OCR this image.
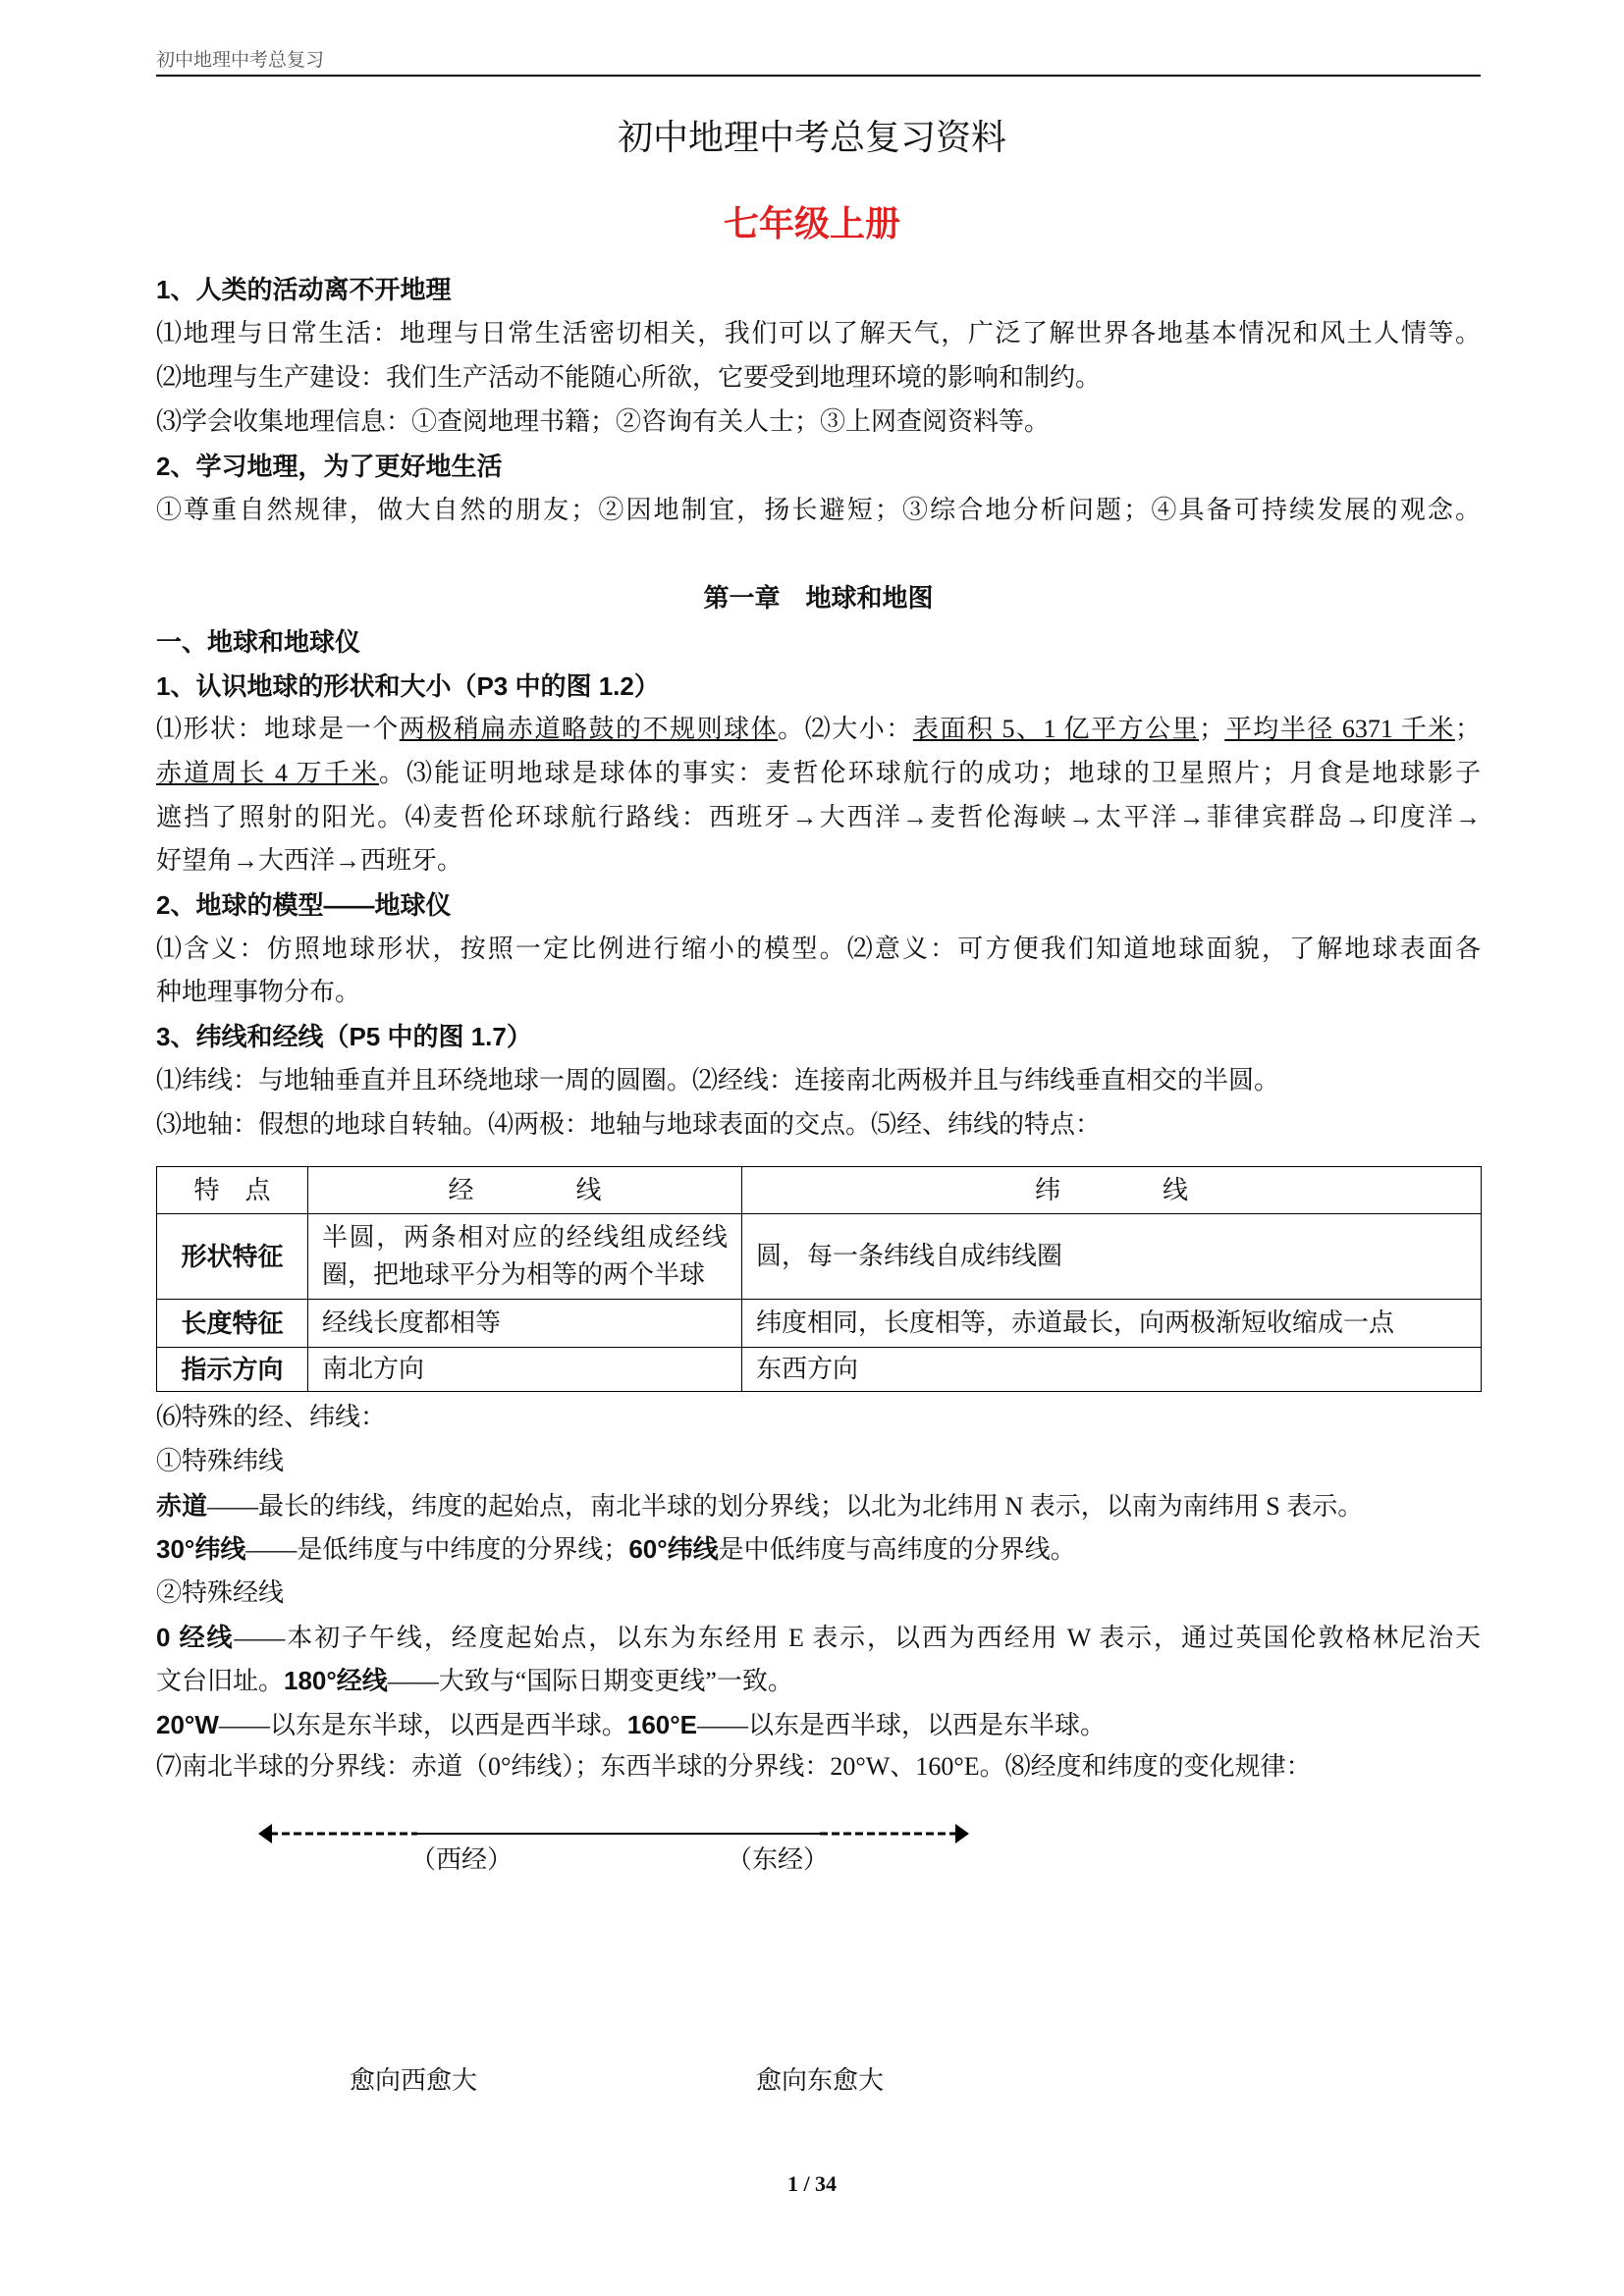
初中地理中考总复习
初中地理中考总复习资料
七年级上册
1、人类的活动离不开地理
⑴地理与日常生活：地理与日常生活密切相关，我们可以了解天气，广泛了解世界各地基本情况和风土人情等。
⑵地理与生产建设：我们生产活动不能随心所欲，它要受到地理环境的影响和制约。
⑶学会收集地理信息：①查阅地理书籍；②咨询有关人士；③上网查阅资料等。
2、学习地理，为了更好地生活
①尊重自然规律，做大自然的朋友；②因地制宜，扬长避短；③综合地分析问题；④具备可持续发展的观念。
第一章　地球和地图
一、地球和地球仪
1、认识地球的形状和大小（P3 中的图 1.2）
⑴形状：地球是一个两极稍扁赤道略鼓的不规则球体。⑵大小：表面积 5、1 亿平方公里；平均半径 6371 千米；
赤道周长 4 万千米。⑶能证明地球是球体的事实：麦哲伦环球航行的成功；地球的卫星照片；月食是地球影子
遮挡了照射的阳光。⑷麦哲伦环球航行路线：西班牙→大西洋→麦哲伦海峡→太平洋→菲律宾群岛→印度洋→
好望角→大西洋→西班牙。
2、地球的模型——地球仪
⑴含义：仿照地球形状，按照一定比例进行缩小的模型。⑵意义：可方便我们知道地球面貌，了解地球表面各
种地理事物分布。
3、纬线和经线（P5 中的图 1.7）
⑴纬线：与地轴垂直并且环绕地球一周的圆圈。⑵经线：连接南北两极并且与纬线垂直相交的半圆。
⑶地轴：假想的地球自转轴。⑷两极：地轴与地球表面的交点。⑸经、纬线的特点：
⑹特殊的经、纬线：
①特殊纬线
赤道——最长的纬线，纬度的起始点，南北半球的划分界线；以北为北纬用 N 表示，以南为南纬用 S 表示。
30°纬线——是低纬度与中纬度的分界线；60°纬线是中低纬度与高纬度的分界线。
②特殊经线
0 经线——本初子午线，经度起始点，以东为东经用 E 表示，以西为西经用 W 表示，通过英国伦敦格林尼治天
文台旧址。180°经线——大致与“国际日期变更线”一致。
20°W——以东是东半球，以西是西半球。160°E——以东是西半球，以西是东半球。
⑺南北半球的分界线：赤道（0°纬线）；东西半球的分界线：20°W、160°E。⑻经度和纬度的变化规律：
特　点	经　　　　线	纬　　　　线
形状特征	半圆，两条相对应的经线组成经线圈，把地球平分为相等的两个半球	圆，每一条纬线自成纬线圈
长度特征	经线长度都相等	纬度相同，长度相等，赤道最长，向两极渐短收缩成一点
指示方向	南北方向	东西方向
（西经）	（东经）
愈向西愈大	愈向东愈大
1 / 34
